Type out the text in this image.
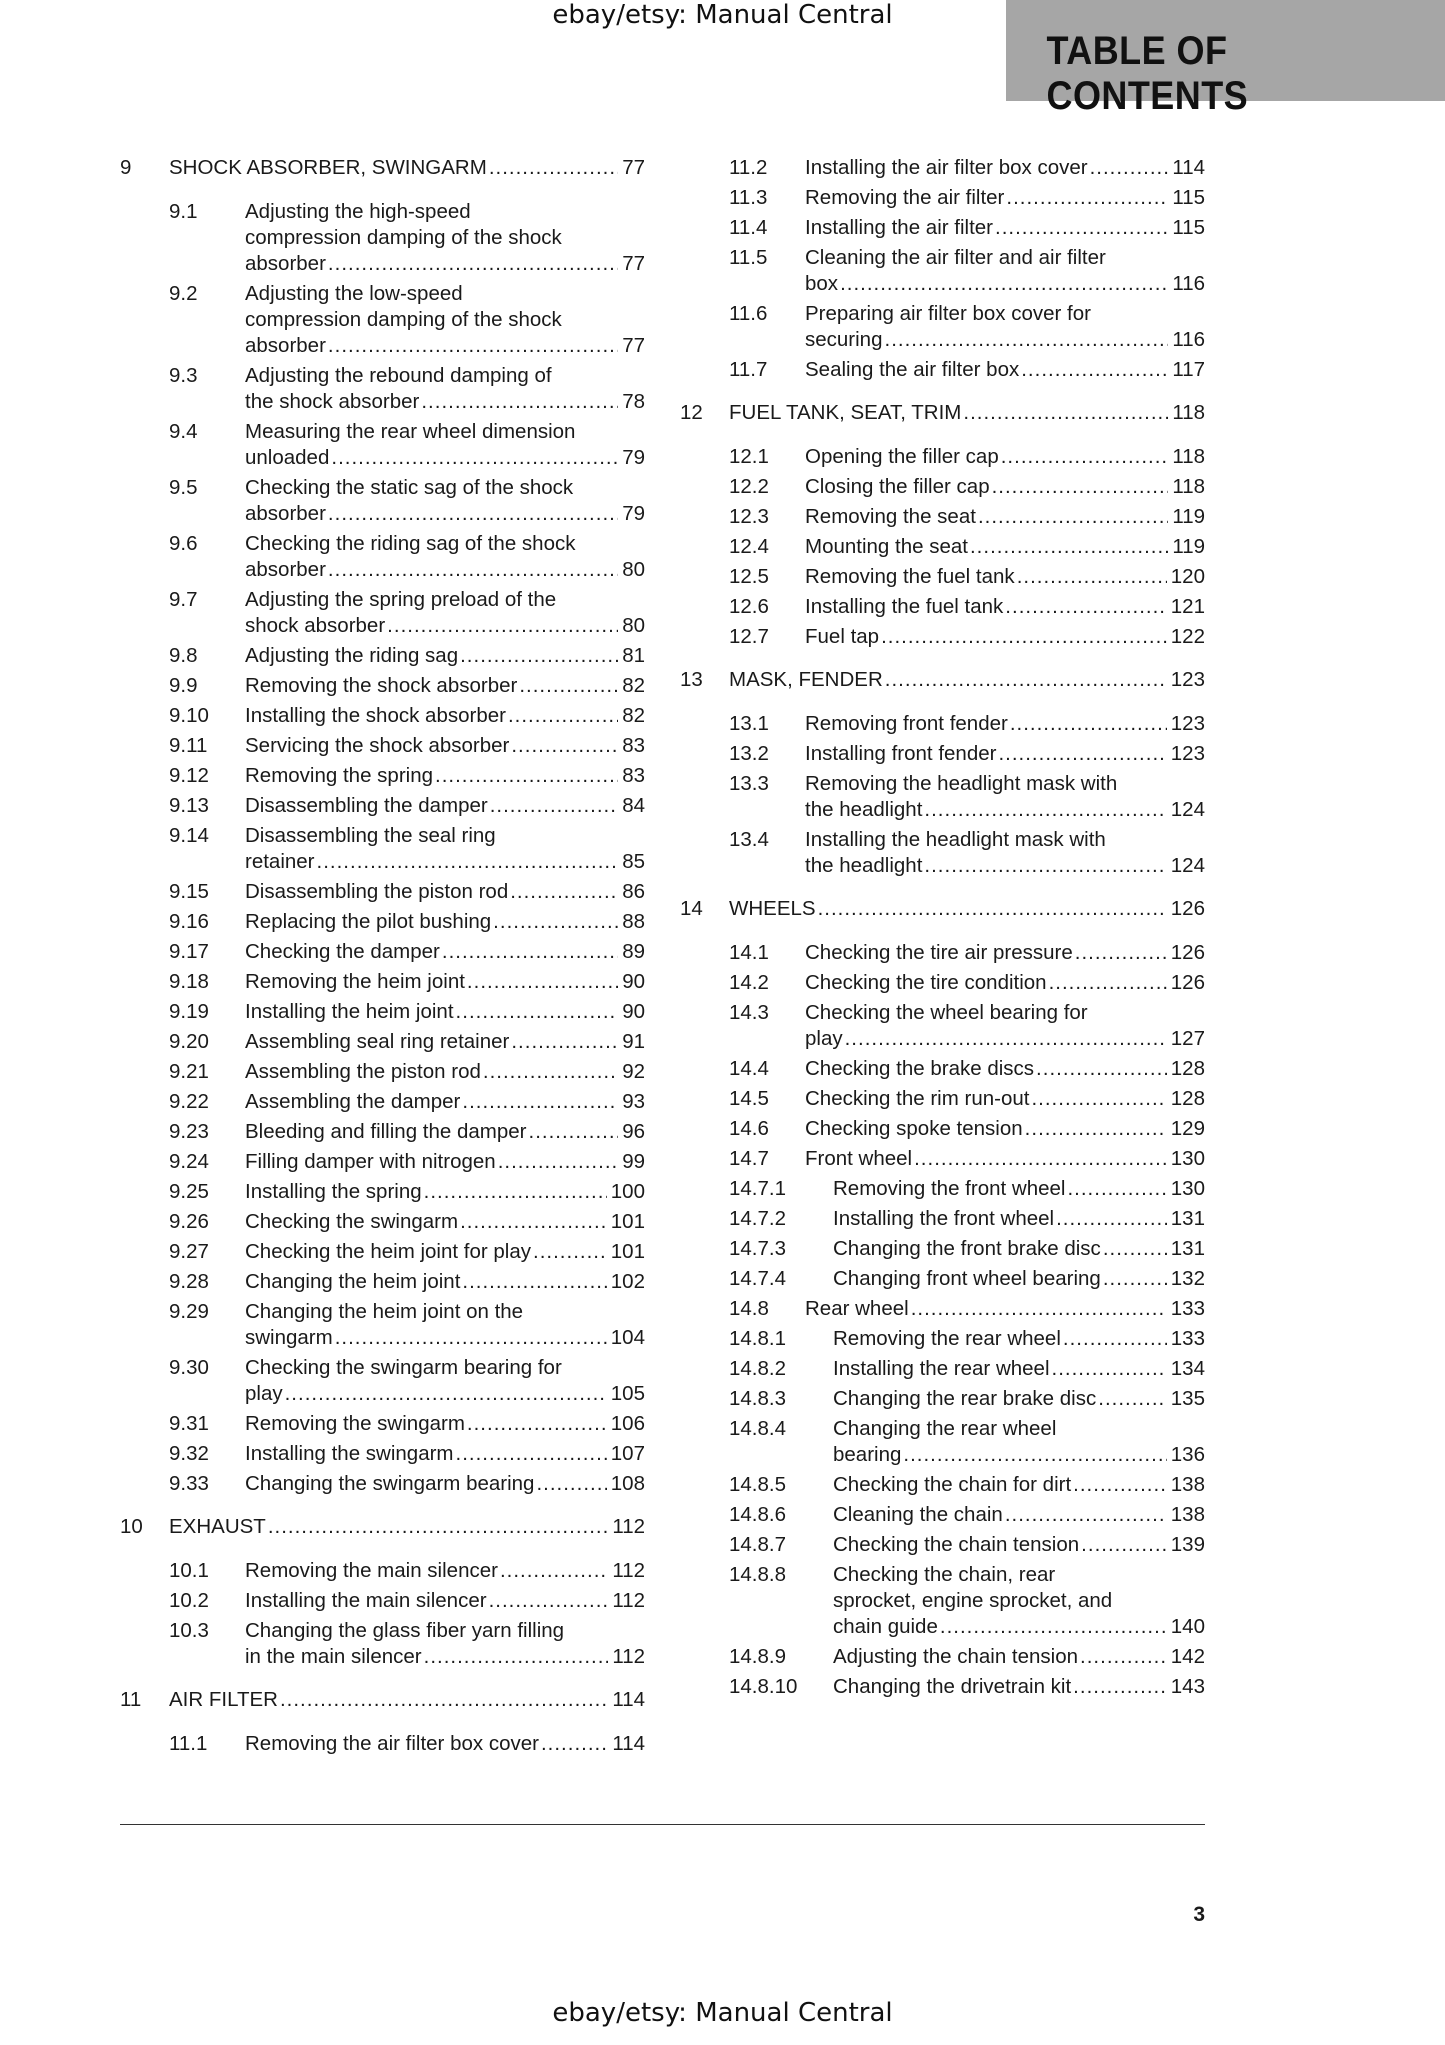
ebay/etsy: Manual Central
TABLE OF CONTENTS
9 SHOCK ABSORBER, SWINGARM .....	77
9.1 Adjusting the high-speed
compression damping of the shock
absorber .....	77
9.2 Adjusting the low-speed
compression damping of the shock
absorber .....	77
9.3 Adjusting the rebound damping of
the shock absorber .....	78
9.4 Measuring the rear wheel dimension
unloaded .....	79
9.5 Checking the static sag of the shock
absorber .....	79
9.6 Checking the riding sag of the shock
absorber .....	80
9.7 Adjusting the spring preload of the
shock absorber .....	80
9.8 Adjusting the riding sag .....	81
9.9 Removing the shock absorber .....	82
9.10 Installing the shock absorber .....	82
9.11 Servicing the shock absorber .....	83
9.12 Removing the spring .....	83
9.13 Disassembling the damper .....	84
9.14 Disassembling the seal ring
retainer .....	85
9.15 Disassembling the piston rod .....	86
9.16 Replacing the pilot bushing .....	88
9.17 Checking the damper .....	89
9.18 Removing the heim joint .....	90
9.19 Installing the heim joint .....	90
9.20 Assembling seal ring retainer .....	91
9.21 Assembling the piston rod .....	92
9.22 Assembling the damper .....	93
9.23 Bleeding and filling the damper .....	96
9.24 Filling damper with nitrogen .....	99
9.25 Installing the spring .....	100
9.26 Checking the swingarm .....	101
9.27 Checking the heim joint for play .....	101
9.28 Changing the heim joint .....	102
9.29 Changing the heim joint on the
swingarm .....	104
9.30 Checking the swingarm bearing for
play .....	105
9.31 Removing the swingarm .....	106
9.32 Installing the swingarm .....	107
9.33 Changing the swingarm bearing .....	108
10 EXHAUST .....	112
10.1 Removing the main silencer .....	112
10.2 Installing the main silencer .....	112
10.3 Changing the glass fiber yarn filling
in the main silencer .....	112
11 AIR FILTER .....	114
11.1 Removing the air filter box cover .....	114
11.2 Installing the air filter box cover .....	114
11.3 Removing the air filter .....	115
11.4 Installing the air filter .....	115
11.5 Cleaning the air filter and air filter
box .....	116
11.6 Preparing air filter box cover for
securing .....	116
11.7 Sealing the air filter box .....	117
12 FUEL TANK, SEAT, TRIM .....	118
12.1 Opening the filler cap .....	118
12.2 Closing the filler cap .....	118
12.3 Removing the seat .....	119
12.4 Mounting the seat .....	119
12.5 Removing the fuel tank .....	120
12.6 Installing the fuel tank .....	121
12.7 Fuel tap .....	122
13 MASK, FENDER .....	123
13.1 Removing front fender .....	123
13.2 Installing front fender .....	123
13.3 Removing the headlight mask with
the headlight .....	124
13.4 Installing the headlight mask with
the headlight .....	124
14 WHEELS .....	126
14.1 Checking the tire air pressure .....	126
14.2 Checking the tire condition .....	126
14.3 Checking the wheel bearing for
play .....	127
14.4 Checking the brake discs .....	128
14.5 Checking the rim run-out .....	128
14.6 Checking spoke tension .....	129
14.7 Front wheel .....	130
14.7.1 Removing the front wheel .....	130
14.7.2 Installing the front wheel .....	131
14.7.3 Changing the front brake disc .....	131
14.7.4 Changing front wheel bearing .....	132
14.8 Rear wheel .....	133
14.8.1 Removing the rear wheel .....	133
14.8.2 Installing the rear wheel .....	134
14.8.3 Changing the rear brake disc .....	135
14.8.4 Changing the rear wheel
bearing .....	136
14.8.5 Checking the chain for dirt .....	138
14.8.6 Cleaning the chain .....	138
14.8.7 Checking the chain tension .....	139
14.8.8 Checking the chain, rear
sprocket, engine sprocket, and
chain guide .....	140
14.8.9 Adjusting the chain tension .....	142
14.8.10 Changing the drivetrain kit .....	143
3
ebay/etsy: Manual Central
